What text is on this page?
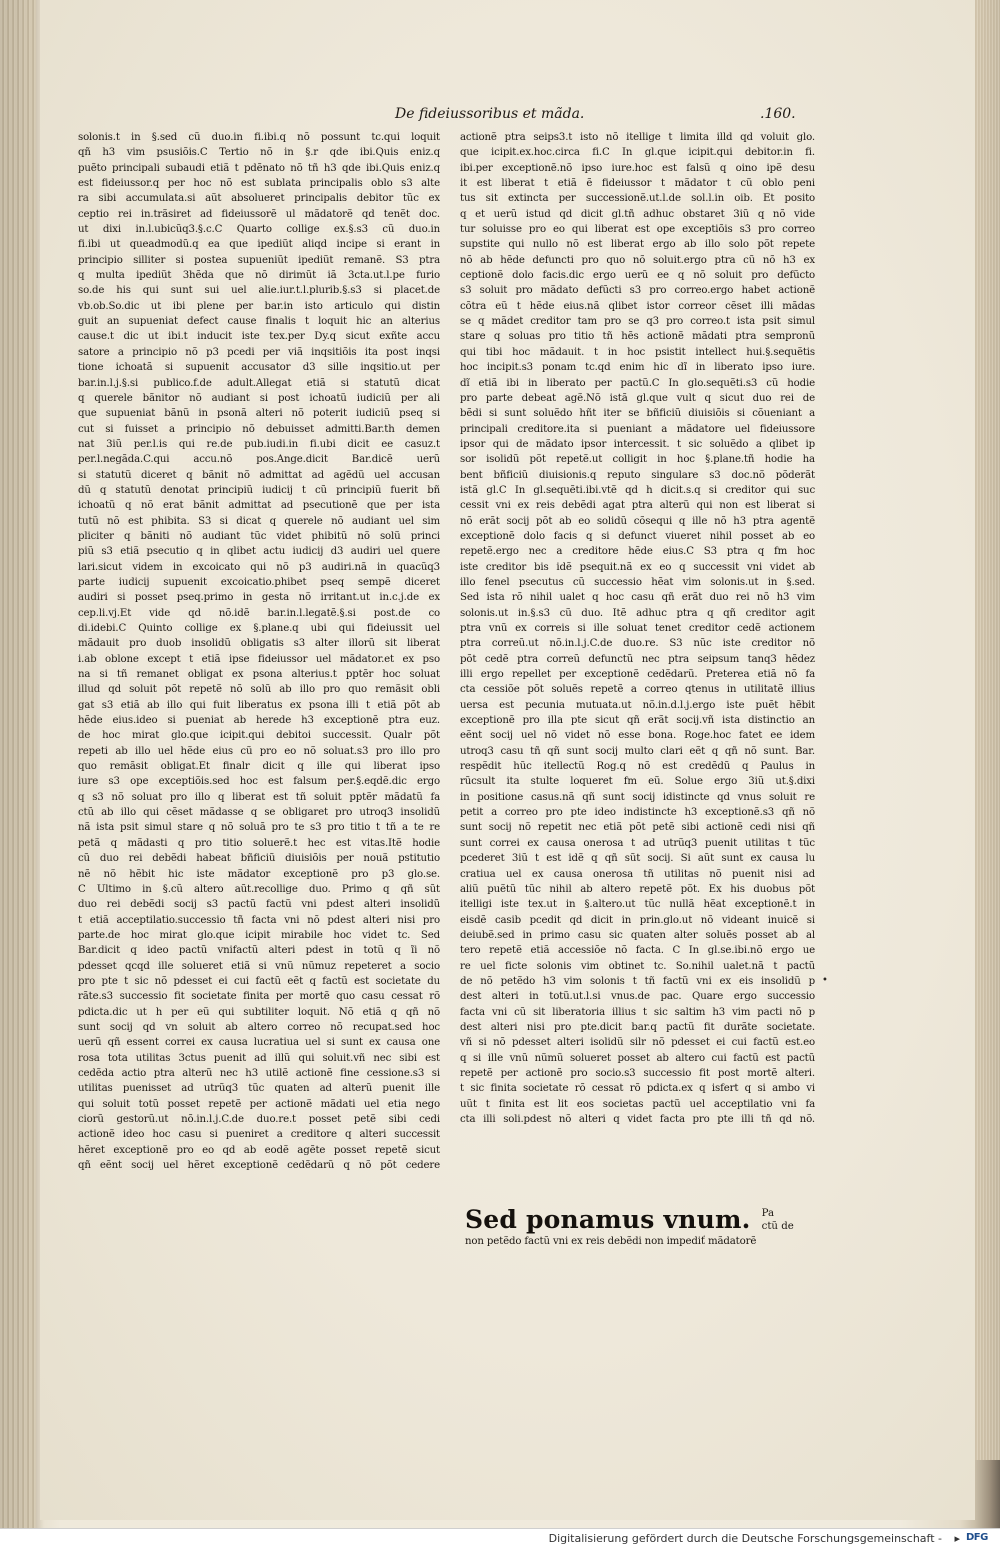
De fideiussoribus et mãda.	.160.
solonis.t in §.sed cũ duo.in fi.ibi.q nõ possunt tc.qui loquit
qñ h3 vim psusiõis.C Tertio nõ in §.r qde ibi.Quis eniz.q
puẽto principali subaudi etiã t pdẽnato nõ tñ h3 qde ibi.Quis eniz.q
est fideiussor.q per hoc nõ est sublata principalis oblo s3 alte
ra sibi accumulata.si aũt absolueret principalis debitor tũc ex
ceptio rei in.trãsiret ad fideiussorẽ ul mãdatorẽ qd tenẽt doc.
ut dixi in.l.ubicũq3.§.c.C Quarto collige ex.§.s3 cũ duo.in
fi.ibi ut queadmodũ.q ea que ipediũt aliqd incipe si erant in
principio silliter si postea supueniũt ipediũt remanẽ. S3 ptra
q multa ipediũt 3hẽda que nõ dirimũt iã 3cta.ut.l.pe furio
so.de his qui sunt sui uel alie.iur.t.l.plurib.§.s3 si placet.de
vb.ob.So.dic ut ibi plene per bar.in isto articulo qui distin
guit an supueniat defect cause finalis t loquit hic an alterius
cause.t dic ut ibi.t inducit iste tex.per Dy.q sicut exñte accu
satore a principio nõ p3 pcedi per viã inqsitiõis ita post inqsi
tione ichoatã si supuenit accusator d3 sille inqsitio.ut per
bar.in.l.j.§.si publico.f.de adult.Allegat etiã si statutũ dicat
q querele bãnitor nõ audiant si post ichoatũ iudiciũ per ali
que supueniat bãnũ in psonã alteri nõ poterit iudiciũ pseq si
cut si fuisset a principio nõ debuisset admitti.Bar.th demen
nat 3iũ per.l.is qui re.de pub.iudi.in fi.ubi dicit ee casuz.t
per.l.negãda.C.qui accu.nõ pos.Ange.dicit Bar.dicẽ uerũ
si statutũ diceret q bãnit nõ admittat ad agẽdũ uel accusan
dũ q statutũ denotat principiũ iudicij t cũ principiũ fuerit bñ
ichoatũ q nõ erat bãnit admittat ad psecutionẽ que per ista
tutũ nõ est phibita. S3 si dicat q querele nõ audiant uel sim
pliciter q bãniti nõ audiant tũc videt phibitũ nõ solũ princi
piũ s3 etiã psecutio q in qlibet actu iudicij d3 audiri uel quere
lari.sicut videm in excoicato qui nõ p3 audiri.nã in quacũq3
parte iudicij supuenit excoicatio.phibet pseq sempẽ diceret
audiri si posset pseq.primo in gesta nõ irritant.ut in.c.j.de ex
cep.li.vj.Et vide qd nõ.idẽ bar.in.l.legatẽ.§.si post.de co
di.idebi.C Quinto collige ex §.plane.q ubi qui fideiussit uel
mãdauit pro duob insolidũ obligatis s3 alter illorũ sit liberat
i.ab oblone except t etiã ipse fideiussor uel mãdator.et ex pso
na si tñ remanet obligat ex psona alterius.t pptẽr hoc soluat
illud qd soluit põt repetẽ nõ solũ ab illo pro quo remãsit obli
gat s3 etiã ab illo qui fuit liberatus ex psona illi t etiã põt ab
hẽde eius.ideo si pueniat ab herede h3 exceptionẽ ptra euz.
de hoc mirat glo.que icipit.qui debitoi successit. Qualr põt
repeti ab illo uel hẽde eius cũ pro eo nõ soluat.s3 pro illo pro
quo remãsit obligat.Et finalr dicit q ille qui liberat ipso
iure s3 ope exceptiõis.sed hoc est falsum per.§.eqdẽ.dic ergo
q s3 nõ soluat pro illo q liberat est tñ soluit pptẽr mãdatũ fa
ctũ ab illo qui cẽset mãdasse q se obligaret pro utroq3 insolidũ
nã ista psit simul stare q nõ soluã pro te s3 pro titio t tñ a te re
petã q mãdasti q pro titio soluerẽ.t hec est vitas.Itẽ hodie
cũ duo rei debẽdi habeat bñficiũ diuisiõis per nouã pstitutio
nẽ nõ hẽbit hic iste mãdator exceptionẽ pro p3 glo.se.
C Ultimo in §.cũ altero aũt.recollige duo. Primo q qñ sũt
duo rei debẽdi socij s3 pactũ factũ vni pdest alteri insolidũ
t etiã acceptilatio.successio tñ facta vni nõ pdest alteri nisi pro
parte.de hoc mirat glo.que icipit mirabile hoc videt tc. Sed
Bar.dicit q ideo pactũ vnifactũ alteri pdest in totũ q ĩi nõ
pdesset qcqd ille solueret etiã si vnũ nũmuz repeteret a socio
pro pte t sic nõ pdesset ei cui factũ eẽt q factũ est societate du
rãte.s3 successio fit societate finita per mortẽ quo casu cessat rõ
pdicta.dic ut h per eũ qui subtiliter loquit. Nõ etiã q qñ nõ
sunt socij qd vn soluit ab altero correo nõ recupat.sed hoc
uerũ qñ essent correi ex causa lucratiua uel si sunt ex causa one
rosa tota utilitas 3ctus puenit ad illũ qui soluit.vñ nec sibi est
cedẽda actio ptra alterũ nec h3 utilẽ actionẽ fine cessione.s3 si
utilitas puenisset ad utrũq3 tũc quaten ad alterũ puenit ille
qui soluit totũ posset repetẽ per actionẽ mãdati uel etia nego
ciorũ gestorũ.ut nõ.in.l.j.C.de duo.re.t posset petẽ sibi cedi
actionẽ ideo hoc casu si pueniret a creditore q alteri successit
hẽret exceptionẽ pro eo qd ab eodẽ agẽte posset repetẽ sicut
qñ eẽnt socij uel hẽret exceptionẽ cedẽdarũ q nõ põt cedere
actionẽ ptra seips3.t isto nõ itellige t limita illd qd voluit glo.
que icipit.ex.hoc.circa fi.C In gl.que icipit.qui debitor.in fi.
ibi.per exceptionẽ.nõ ipso iure.hoc est falsũ q oino ipẽ desu
it est liberat t etiã ẽ fideiussor t mãdator t cũ oblo peni
tus sit extincta per successionẽ.ut.l.de sol.l.in oib. Et posito
q et uerũ istud qd dicit gl.tñ adhuc obstaret 3iũ q nõ vide
tur soluisse pro eo qui liberat est ope exceptiõis s3 pro correo
supstite qui nullo nõ est liberat ergo ab illo solo põt repete
nõ ab hẽde defuncti pro quo nõ soluit.ergo ptra cũ nõ h3 ex
ceptionẽ dolo facis.dic ergo uerũ ee q nõ soluit pro defũcto
s3 soluit pro mãdato defũcti s3 pro correo.ergo habet actionẽ
cõtra eũ t hẽde eius.nã qlibet istor correor cẽset illi mãdas
se q mãdet creditor tam pro se q3 pro correo.t ista psit simul
stare q soluas pro titio tñ hẽs actionẽ mãdati ptra sempronũ
qui tibi hoc mãdauit. t in hoc psistit intellect hui.§.sequẽtis
hoc incipit.s3 ponam tc.qd enim hic dĩ in liberato ipso iure.
dĩ etiã ibi in liberato per pactũ.C In glo.sequẽti.s3 cũ hodie
pro parte debeat agẽ.Nõ istã gl.que vult q sicut duo rei de
bẽdi si sunt soluẽdo hñt iter se bñficiũ diuisiõis si cõueniant a
principali creditore.ita si pueniant a mãdatore uel fideiussore
ipsor qui de mãdato ipsor intercessit. t sic soluẽdo a qlibet ip
sor isolidũ põt repetẽ.ut colligit in hoc §.plane.tñ hodie ha
bent bñficiũ diuisionis.q reputo singulare s3 doc.nõ põderãt
istã gl.C In gl.sequẽti.ibi.vtẽ qd h dicit.s.q si creditor qui suc
cessit vni ex reis debẽdi agat ptra alterũ qui non est liberat si
nõ erãt socij põt ab eo solidũ cõsequi q ille nõ h3 ptra agentẽ
exceptionẽ dolo facis q si defunct viueret nihil posset ab eo
repetẽ.ergo nec a creditore hẽde eius.C S3 ptra q fm hoc
iste creditor bis idẽ psequit.nã ex eo q successit vni videt ab
illo fenel psecutus cũ successio hẽat vim solonis.ut in §.sed.
Sed ista rõ nihil ualet q hoc casu qñ erãt duo rei nõ h3 vim
solonis.ut in.§.s3 cũ duo. Itẽ adhuc ptra q qñ creditor agit
ptra vnũ ex correis si ille soluat tenet creditor cedẽ actionem
ptra correũ.ut nõ.in.l.j.C.de duo.re. S3 nũc iste creditor nõ
põt cedẽ ptra correũ defunctũ nec ptra seipsum tanq3 hẽdez
illi ergo repellet per exceptionẽ cedẽdarũ. Preterea etiã nõ fa
cta cessiõe põt soluẽs repetẽ a correo qtenus in utilitatẽ illius
uersa est pecunia mutuata.ut nõ.in.d.l.j.ergo iste puẽt hẽbit
exceptionẽ pro illa pte sicut qñ erãt socij.vñ ista distinctio an
eẽnt socij uel nõ videt nõ esse bona. Roge.hoc fatet ee idem
utroq3 casu tñ qñ sunt socij multo clari eẽt q qñ nõ sunt. Bar.
respẽdit hũc itellectũ Rog.q nõ est credẽdũ q Paulus in
rũcsult ita stulte loqueret fm eũ. Solue ergo 3iũ ut.§.dixi
in positione casus.nã qñ sunt socij idistincte qd vnus soluit re
petit a correo pro pte ideo indistincte h3 exceptionẽ.s3 qñ nõ
sunt socij nõ repetit nec etiã põt petẽ sibi actionẽ cedi nisi qñ
sunt correi ex causa onerosa t ad utrũq3 puenit utilitas t tũc
pcederet 3iũ t est idẽ q qñ sũt socij. Si aũt sunt ex causa lu
cratiua uel ex causa onerosa tñ utilitas nõ puenit nisi ad
aliũ puẽtũ tũc nihil ab altero repetẽ põt. Ex his duobus põt
itelligi iste tex.ut in §.altero.ut tũc nullã hẽat exceptionẽ.t in
eisdẽ casib pcedit qd dicit in prin.glo.ut nõ videant inuicẽ si
deiubẽ.sed in primo casu sic quaten alter soluẽs posset ab al
tero repetẽ etiã accessiõe nõ facta. C In gl.se.ibi.nõ ergo ue
re uel ficte solonis vim obtinet tc. So.nihil ualet.nã t pactũ
de nõ petẽdo h3 vim solonis t tñ factũ vni ex eis insolidũ p
dest alteri in totũ.ut.l.si vnus.de pac. Quare ergo successio
facta vni cũ sit liberatoria illius t sic saltim h3 vim pacti nõ p
dest alteri nisi pro pte.dicit bar.q pactũ fit durãte societate.
vñ si nõ pdesset alteri isolidũ silr nõ pdesset ei cui factũ est.eo
q si ille vnũ nũmũ solueret posset ab altero cui factũ est pactũ
repetẽ per actionẽ pro socio.s3 successio fit post mortẽ alteri.
t sic finita societate rõ cessat rõ pdicta.ex q isfert q si ambo vi
uũt t finita est lit eos societas pactũ uel acceptilatio vni fa
cta illi soli.pdest nõ alteri q videt facta pro pte illi tñ qd nõ.
•
Sed ponamus vnum. Pa
ctũ de
non petẽdo factũ vni ex reis debẽdi non impediť mãdatorẽ
Digitalisierung gefördert durch die Deutsche Forschungsgemeinschaft - ▸ DFG
